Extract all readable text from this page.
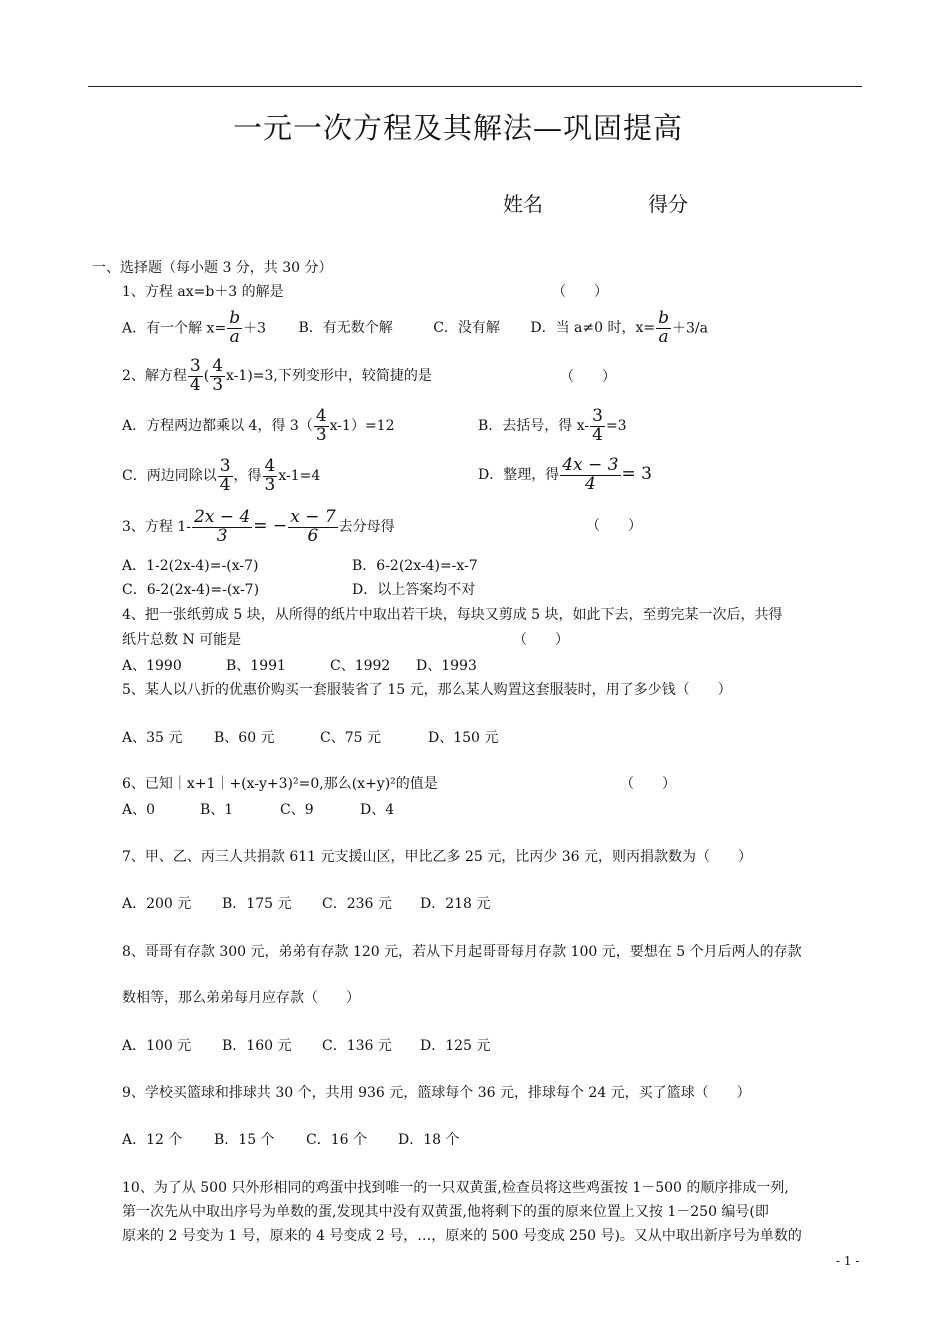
一元一次方程及其解法—巩固提高
姓名	得分
一、选择题（每小题 3 分，共 30 分）
1、方程 ax=b＋3 的解是	（　　）
A．有一个解 $x= \frac{b}{a} +3$ B．有无数个解	C．没有解 D．当 a≠0 时，$x= \frac{b}{a} +3/a$
2、解方程 $\frac{3}{4}$ ( $\frac{4}{3} x-1)=3$,下列变形中，较简捷的是	（　　）
A．方程两边都乘以 4，得 $3( \frac{4}{3} x-1)=12$	B．去括号，得 $x- \frac{3}{4} =3$
C．两边同除以 $\frac{3}{4}$ ，得 $\frac{4}{3} x-1=4$	D．整理，得 $\frac{4x - 3}{4} = 3$
3、方程 $1- \frac{2x - 4}{3}$ = − $\frac{x - 7}{6}$ 去分母得	（　　）
A．1-2(2x-4)=-(x-7)	B．6-2(2x-4)=-x-7
C．6-2(2x-4)=-(x-7)	D．以上答案均不对
4、把一张纸剪成 5 块，从所得的纸片中取出若干块，每块又剪成 5 块，如此下去，至剪完某一次后，共得
纸片总数 N 可能是	（　　）
A、1990	B、1991	C、1992 D、1993
5、某人以八折的优惠价购买一套服装省了 15 元，那么某人购置这套服装时，用了多少钱（　　）
A、35 元 B、60 元	C、75 元	D、150 元
6、已知｜x+1｜+(x-y+3)²=0,那么(x+y)²的值是	（　　）
A、0	B、1	C、9	D、4
7、甲、乙、丙三人共捐款 611 元支援山区，甲比乙多 25 元，比丙少 36 元，则丙捐款数为（　　）
A．200 元 B．175 元 C．236 元 D．218 元
8、哥哥有存款 300 元，弟弟有存款 120 元，若从下月起哥哥每月存款 100 元，要想在 5 个月后两人的存款
数相等，那么弟弟每月应存款（　　）
A．100 元 B．160 元 C．136 元 D．125 元
9、学校买篮球和排球共 30 个，共用 936 元，篮球每个 36 元，排球每个 24 元，买了篮球（　　）
A．12 个 B．15 个 C．16 个 D．18 个
10、为了从 500 只外形相同的鸡蛋中找到唯一的一只双黄蛋,检查员将这些鸡蛋按 1－500 的顺序排成一列,
第一次先从中取出序号为单数的蛋,发现其中没有双黄蛋,他将剩下的蛋的原来位置上又按 1－250 编号(即
原来的 2 号变为 1 号，原来的 4 号变成 2 号，…，原来的 500 号变成 250 号)。又从中取出新序号为单数的
- 1 -
